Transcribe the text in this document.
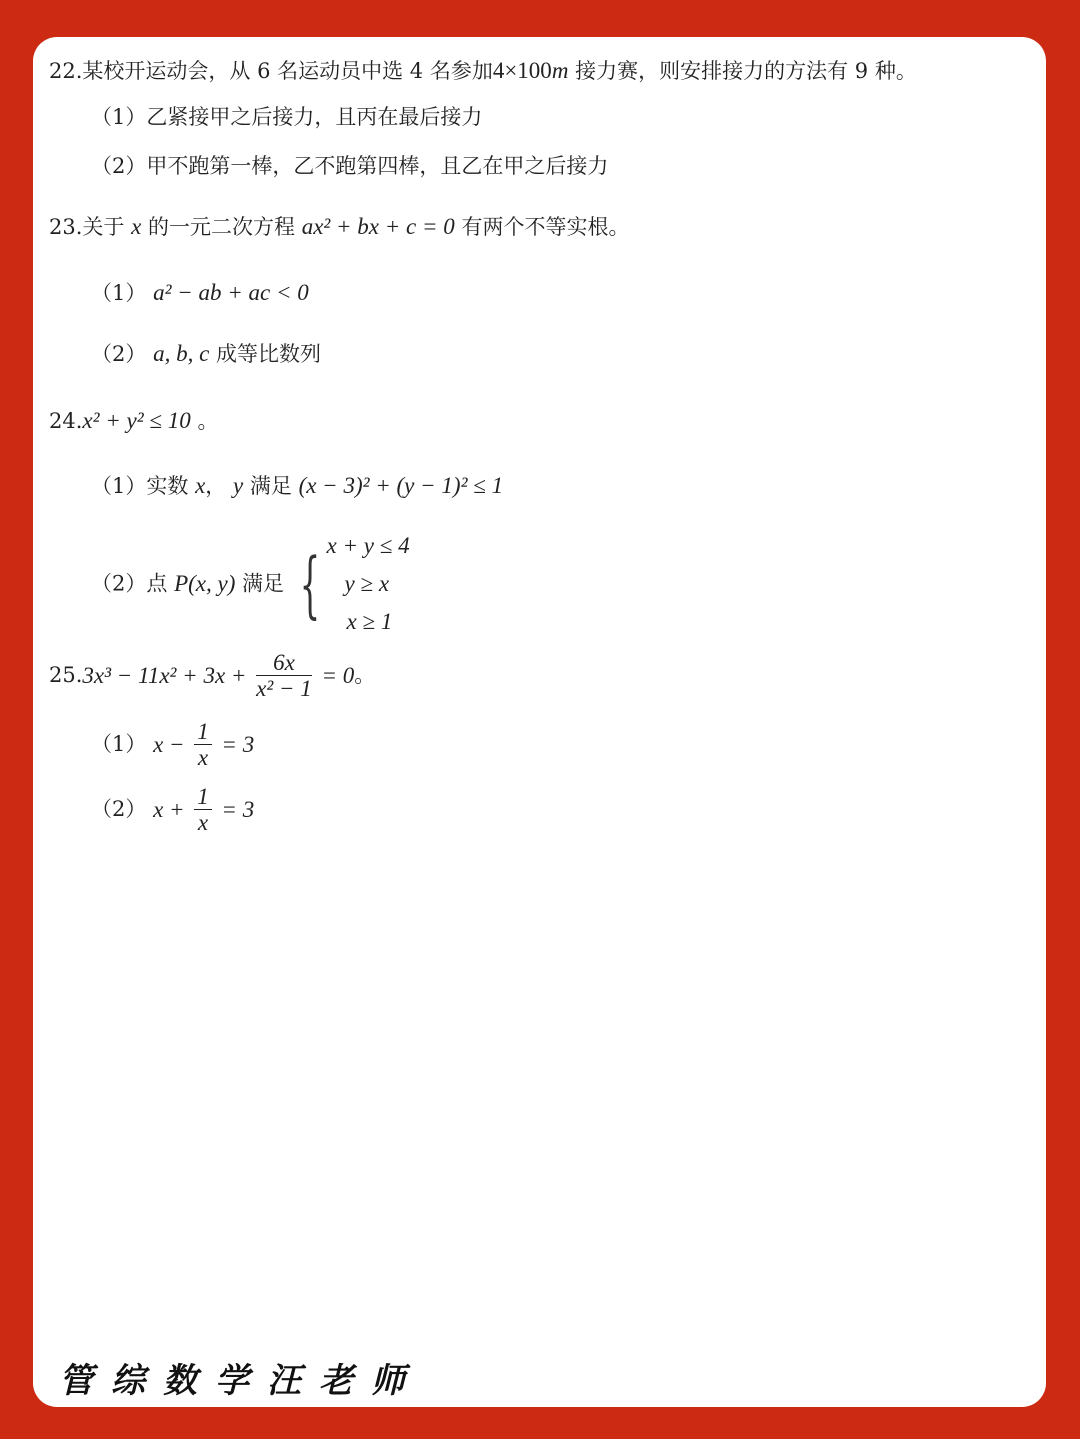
22.某校开运动会，从 6 名运动员中选 4 名参加4×100m 接力赛，则安排接力的方法有 9 种。
（1）乙紧接甲之后接力，且丙在最后接力
（2）甲不跑第一棒，乙不跑第四棒，且乙在甲之后接力
23.关于 x 的一元二次方程 ax² + bx + c = 0 有两个不等实根。
（1） a² − ab + ac < 0
（2） a, b, c 成等比数列
24.x² + y² ≤ 10 。
（1）实数 x， y 满足 (x − 3)² + (y − 1)² ≤ 1
（2）点 P(x, y) 满足 { x + y ≤ 4
y ≥ x
x ≥ 1
$25.3x^3 - 11x^2 + 3x + \frac{6x}{\text{x² − 1}} = 0$。
（1） $x - \frac{1}{x} = 3$
（2） $x + \frac{1}{x} = 3$
管综数学汪老师
